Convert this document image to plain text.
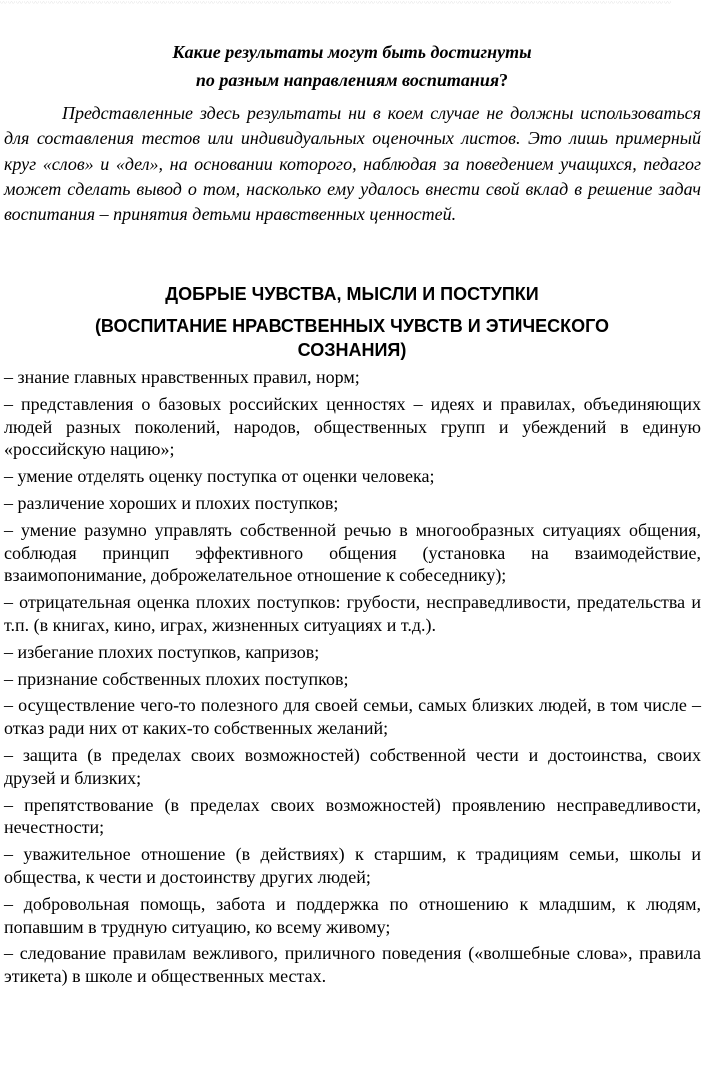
〰〰〰〰〰〰〰〰〰〰〰〰〰〰〰〰〰〰〰〰〰〰〰〰〰〰〰〰〰〰〰〰〰〰〰〰〰〰〰〰〰〰〰〰〰〰〰〰〰〰〰〰〰〰〰〰〰〰〰〰〰〰〰〰〰〰〰〰〰〰〰〰〰〰〰〰〰〰〰〰〰〰〰〰
Какие результаты могут быть достигнуты
по разным направлениям воспитания?

Представленные здесь результаты ни в коем случае не должны использоваться для составления тестов или индивидуальных оценочных листов. Это лишь примерный круг «слов» и «дел», на основании которого, наблюдая за поведением учащихся, педагог может сделать вывод о том, насколько ему удалось внести свой вклад в решение задач воспитания – принятия детьми нравственных ценностей.

ДОБРЫЕ ЧУВСТВА, МЫСЛИ И ПОСТУПКИ
(ВОСПИТАНИЕ НРАВСТВЕННЫХ ЧУВСТВ И ЭТИЧЕСКОГО СОЗНАНИЯ)
– знание главных нравственных правил, норм;
– представления о базовых российских ценностях – идеях и правилах, объединяющих людей разных поколений, народов, общественных групп и убеждений в единую «российскую нацию»;
– умение отделять оценку поступка от оценки человека;
– различение хороших и плохих поступков;
– умение разумно управлять собственной речью в многообразных ситуациях общения, соблюдая принцип эффективного общения (установка на взаимодействие, взаимопонимание, доброжелательное отношение к собеседнику);
– отрицательная оценка плохих поступков: грубости, несправедливости, предательства и т.п. (в книгах, кино, играх, жизненных ситуациях и т.д.).
– избегание плохих поступков, капризов;
– признание собственных плохих поступков;
– осуществление чего-то полезного для своей семьи, самых близких людей, в том числе – отказ ради них от каких-то собственных желаний;
– защита (в пределах своих возможностей) собственной чести и достоинства, своих друзей и близких;
– препятствование (в пределах своих возможностей) проявлению несправедливости, нечестности;
– уважительное отношение (в действиях) к старшим, к традициям семьи, школы и общества, к чести и достоинству других людей;
– добровольная помощь, забота и поддержка по отношению к младшим, к людям, попавшим в трудную ситуацию, ко всему живому;
– следование правилам вежливого, приличного поведения («волшебные слова», правила этикета) в школе и общественных местах.
